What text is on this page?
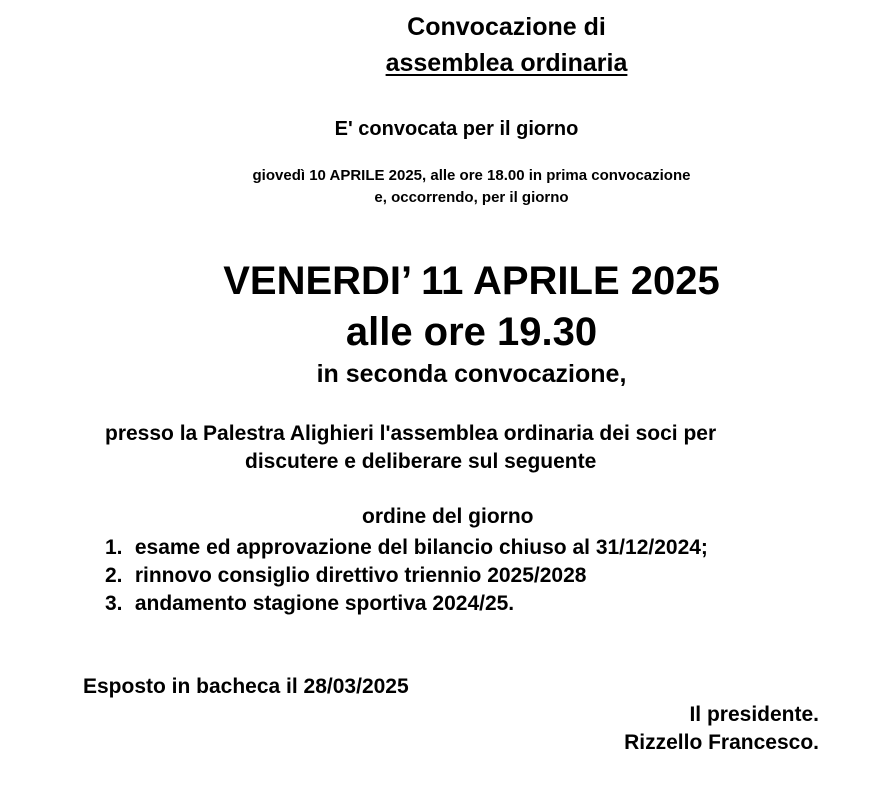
Convocazione di

assemblea ordinaria

E' convocata per il giorno

giovedì 10 APRILE 2025, alle ore 18.00 in prima convocazione

e, occorrendo, per il giorno

VENERDI’ 11 APRILE 2025

alle ore 19.30

in seconda convocazione,

presso la Palestra Alighieri l'assemblea ordinaria dei soci per

discutere e deliberare sul seguente

ordine del giorno

1. esame ed approvazione del bilancio chiuso al 31/12/2024;
2. rinnovo consiglio direttivo triennio 2025/2028
3. andamento stagione sportiva 2024/25.

Esposto in bacheca il 28/03/2025

Il presidente.

Rizzello Francesco.
